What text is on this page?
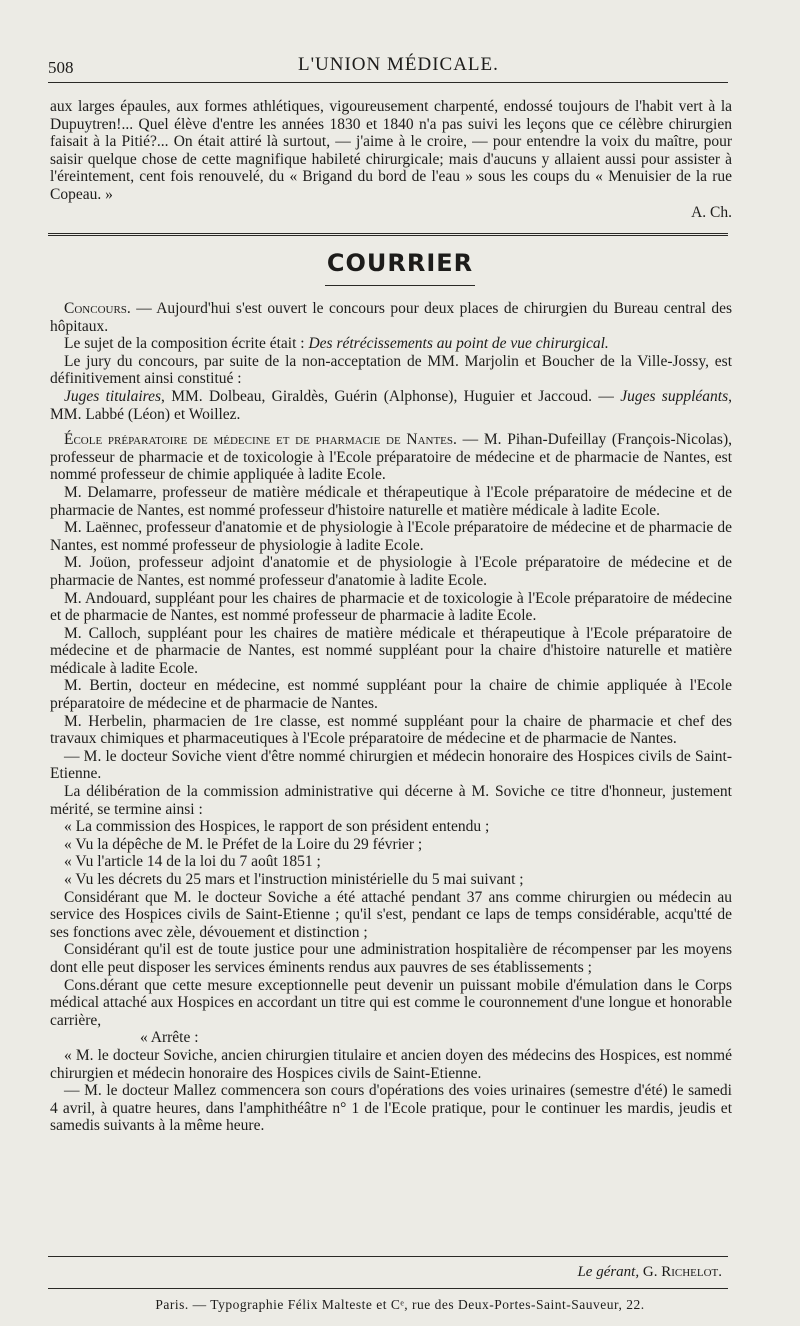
508	L'UNION MÉDICALE.

aux larges épaules, aux formes athlétiques, vigoureusement charpenté, endossé toujours de l'habit vert à la Dupuytren!... Quel élève d'entre les années 1830 et 1840 n'a pas suivi les leçons que ce célèbre chirurgien faisait à la Pitié?... On était attiré là surtout, — j'aime à le croire, — pour entendre la voix du maître, pour saisir quelque chose de cette magnifique habileté chirurgicale; mais d'aucuns y allaient aussi pour assister à l'éreintement, cent fois renouvelé, du « Brigand du bord de l'eau » sous les coups du « Menuisier de la rue Copeau. »

A. Ch.

COURRIER

Concours. — Aujourd'hui s'est ouvert le concours pour deux places de chirurgien du Bureau central des hôpitaux.

Le sujet de la composition écrite était : Des rétrécissements au point de vue chirurgical.

Le jury du concours, par suite de la non-acceptation de MM. Marjolin et Boucher de la Ville-Jossy, est définitivement ainsi constitué :

Juges titulaires, MM. Dolbeau, Giraldès, Guérin (Alphonse), Huguier et Jaccoud. — Juges suppléants, MM. Labbé (Léon) et Woillez.

École préparatoire de médecine et de pharmacie de Nantes. — M. Pihan-Dufeillay (François-Nicolas), professeur de pharmacie et de toxicologie à l'Ecole préparatoire de médecine et de pharmacie de Nantes, est nommé professeur de chimie appliquée à ladite Ecole.

M. Delamarre, professeur de matière médicale et thérapeutique à l'Ecole préparatoire de médecine et de pharmacie de Nantes, est nommé professeur d'histoire naturelle et matière médicale à ladite Ecole.

M. Laënnec, professeur d'anatomie et de physiologie à l'Ecole préparatoire de médecine et de pharmacie de Nantes, est nommé professeur de physiologie à ladite Ecole.

M. Joüon, professeur adjoint d'anatomie et de physiologie à l'Ecole préparatoire de médecine et de pharmacie de Nantes, est nommé professeur d'anatomie à ladite Ecole.

M. Andouard, suppléant pour les chaires de pharmacie et de toxicologie à l'Ecole préparatoire de médecine et de pharmacie de Nantes, est nommé professeur de pharmacie à ladite Ecole.

M. Calloch, suppléant pour les chaires de matière médicale et thérapeutique à l'Ecole préparatoire de médecine et de pharmacie de Nantes, est nommé suppléant pour la chaire d'histoire naturelle et matière médicale à ladite Ecole.

M. Bertin, docteur en médecine, est nommé suppléant pour la chaire de chimie appliquée à l'Ecole préparatoire de médecine et de pharmacie de Nantes.

M. Herbelin, pharmacien de 1re classe, est nommé suppléant pour la chaire de pharmacie et chef des travaux chimiques et pharmaceutiques à l'Ecole préparatoire de médecine et de pharmacie de Nantes.

— M. le docteur Soviche vient d'être nommé chirurgien et médecin honoraire des Hospices civils de Saint-Etienne.

La délibération de la commission administrative qui décerne à M. Soviche ce titre d'honneur, justement mérité, se termine ainsi :

« La commission des Hospices, le rapport de son président entendu ;

« Vu la dépêche de M. le Préfet de la Loire du 29 février ;

« Vu l'article 14 de la loi du 7 août 1851 ;

« Vu les décrets du 25 mars et l'instruction ministérielle du 5 mai suivant ;

Considérant que M. le docteur Soviche a été attaché pendant 37 ans comme chirurgien ou médecin au service des Hospices civils de Saint-Etienne ; qu'il s'est, pendant ce laps de temps considérable, acqu'tté de ses fonctions avec zèle, dévouement et distinction ;

Considérant qu'il est de toute justice pour une administration hospitalière de récompenser par les moyens dont elle peut disposer les services éminents rendus aux pauvres de ses établissements ;

Cons.dérant que cette mesure exceptionnelle peut devenir un puissant mobile d'émulation dans le Corps médical attaché aux Hospices en accordant un titre qui est comme le couronnement d'une longue et honorable carrière,

« Arrête :

« M. le docteur Soviche, ancien chirurgien titulaire et ancien doyen des médecins des Hospices, est nommé chirurgien et médecin honoraire des Hospices civils de Saint-Etienne.

— M. le docteur Mallez commencera son cours d'opérations des voies urinaires (semestre d'été) le samedi 4 avril, à quatre heures, dans l'amphithéâtre n° 1 de l'Ecole pratique, pour le continuer les mardis, jeudis et samedis suivants à la même heure.

Le gérant, G. Richelot.
Paris. — Typographie Félix Malteste et Cᵉ, rue des Deux-Portes-Saint-Sauveur, 22.
